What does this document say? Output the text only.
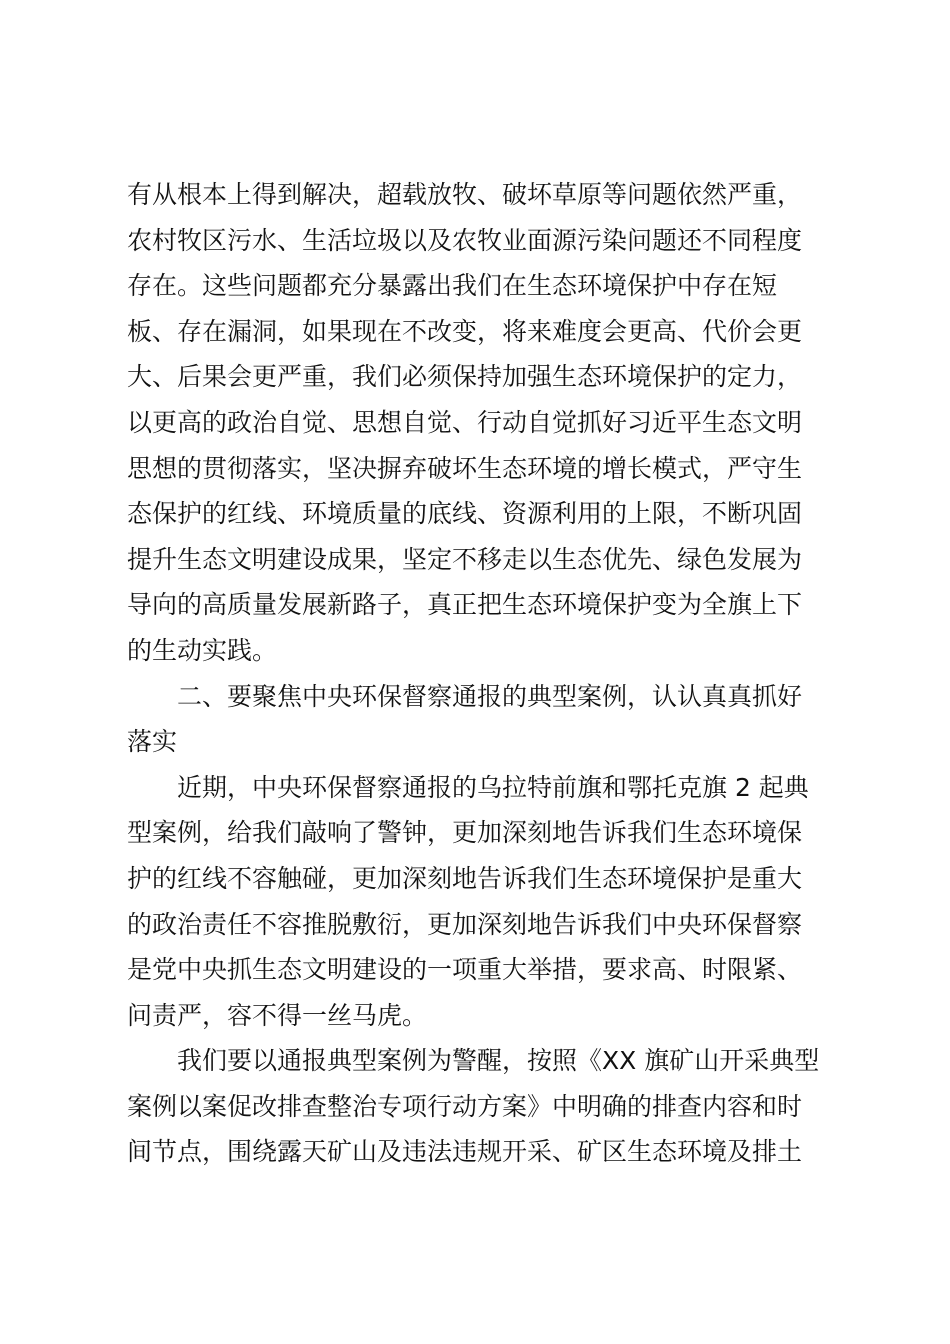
有从根本上得到解决，超载放牧、破坏草原等问题依然严重，
农村牧区污水、生活垃圾以及农牧业面源污染问题还不同程度
存在。这些问题都充分暴露出我们在生态环境保护中存在短
板、存在漏洞，如果现在不改变，将来难度会更高、代价会更
大、后果会更严重，我们必须保持加强生态环境保护的定力，
以更高的政治自觉、思想自觉、行动自觉抓好习近平生态文明
思想的贯彻落实，坚决摒弃破坏生态环境的增长模式，严守生
态保护的红线、环境质量的底线、资源利用的上限，不断巩固
提升生态文明建设成果，坚定不移走以生态优先、绿色发展为
导向的高质量发展新路子，真正把生态环境保护变为全旗上下
的生动实践。
二、要聚焦中央环保督察通报的典型案例，认认真真抓好
落实
近期，中央环保督察通报的乌拉特前旗和鄂托克旗 2 起典
型案例，给我们敲响了警钟，更加深刻地告诉我们生态环境保
护的红线不容触碰，更加深刻地告诉我们生态环境保护是重大
的政治责任不容推脱敷衍，更加深刻地告诉我们中央环保督察
是党中央抓生态文明建设的一项重大举措，要求高、时限紧、
问责严，容不得一丝马虎。
我们要以通报典型案例为警醒，按照《XX 旗矿山开采典型
案例以案促改排查整治专项行动方案》中明确的排查内容和时
间节点，围绕露天矿山及违法违规开采、矿区生态环境及排土
